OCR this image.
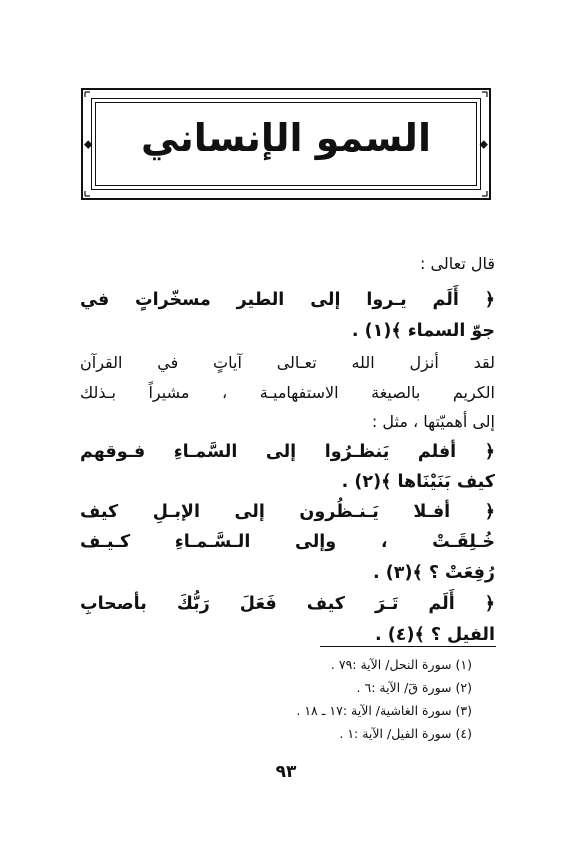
◆	◆
السمو الإنساني
قال تعالى :
﴿ أَلَم يـروا إلى الطير مسخّراتٍ في
جوّ السماء ﴾(١) .
لقد أنزل الله تعـالى آياتٍ في القرآن
الكريم بالصيغة الاستفهاميـة ، مشيراً بـذلك
إلى أهميّتها ، مثل :
﴿ أفلم يَنظـرُوا إلى السَّمـاءِ فـوقهم
كيف بَنَيْنَاها ﴾(٢) .
﴿ أفـلا يَـنـظُرون إلى الإبـلِ كيف
خُـلِقَـتْ ، وإلى الـسَّـمـاءِ كـيـف
رُفِعَتْ ؟ ﴾(٣) .
﴿ أَلَم تَـرَ كيف فَعَلَ رَبُّكَ بأصحابِ
الفيل ؟ ﴾(٤) .
(١) سورة النحل/ الآية :٧٩ .
(٢) سورة قٓ/ الآية :٦ .
(٣) سورة الغاشية/ الآية :١٧ ـ ١٨ .
(٤) سورة الفيل/ الآية :١ .
٩٣
